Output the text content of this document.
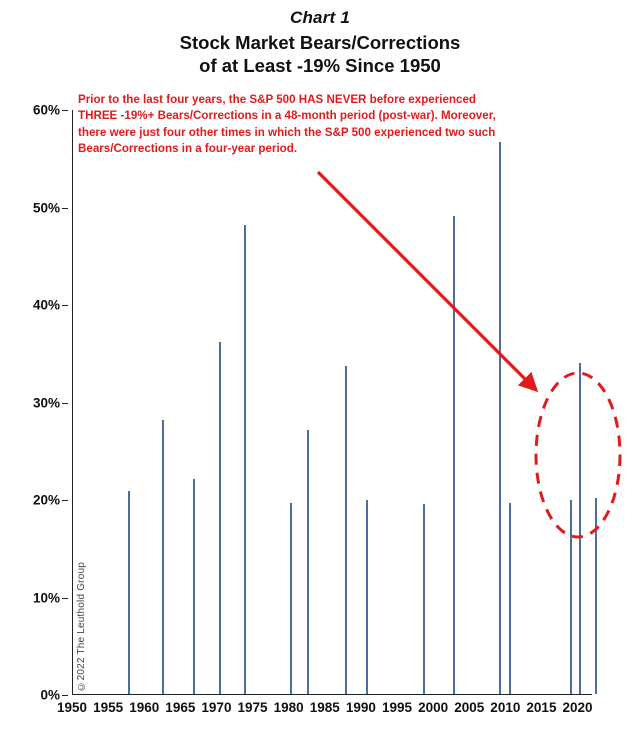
Chart 1
Stock Market Bears/Corrections
of at Least -19% Since 1950
0%
10%
20%
30%
40%
50%
60%
1950 1955 1960 1965 1970 1975 1980 1985 1990 1995 2000 2005 2010 2015 2020
Prior to the last four years, the S&P 500 HAS NEVER before experienced THREE -19%+ Bears/Corrections in a 48-month period (post-war). Moreover, there were just four other times in which the S&P 500 experienced two such Bears/Corrections in a four-year period.
©2022 The Leuthold Group
